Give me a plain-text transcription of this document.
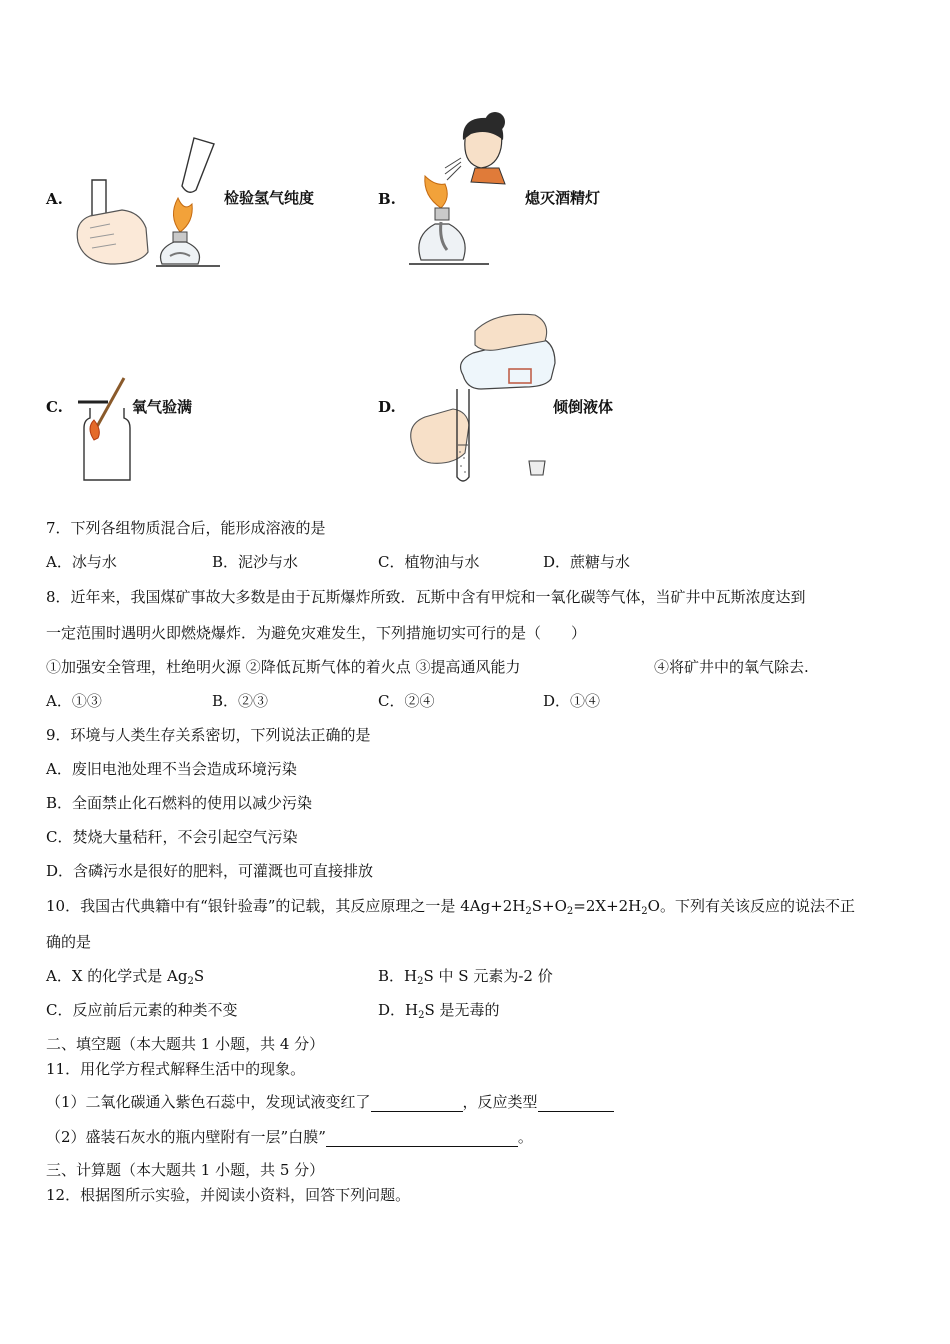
A.	检验氢气纯度	B.	熄灭酒精灯
C.	氧气验满	D.	倾倒液体
7．下列各组物质混合后，能形成溶液的是
A．冰与水	B．泥沙与水	C．植物油与水	D．蔗糖与水
8．近年来，我国煤矿事故大多数是由于瓦斯爆炸所致．瓦斯中含有甲烷和一氧化碳等气体，当矿井中瓦斯浓度达到
一定范围时遇明火即燃烧爆炸．为避免灾难发生，下列措施切实可行的是（　　）
①加强安全管理，杜绝明火源 ②降低瓦斯气体的着火点 ③提高通风能力	④将矿井中的氧气除去.
A．①③	B．②③	C．②④	D．①④
9．环境与人类生存关系密切，下列说法正确的是
A．废旧电池处理不当会造成环境污染
B．全面禁止化石燃料的使用以减少污染
C．焚烧大量秸秆，不会引起空气污染
D．含磷污水是很好的肥料，可灌溉也可直接排放
10．我国古代典籍中有“银针验毒”的记载，其反应原理之一是 $4Ag+2H_2S+O_2=2X+2H_2O$。下列有关该反应的说法不正
确的是
A．X 的化学式是 $Ag_2S$	B．$H_2S$ 中 S 元素为-2 价
C．反应前后元素的种类不变	D．$H_2S$ 是无毒的
二、填空题（本大题共 1 小题，共 4 分）
11．用化学方程式解释生活中的现象。
（1）二氧化碳通入紫色石蕊中，发现试液变红了	，反应类型
（2）盛装石灰水的瓶内壁附有一层”白膜”	。
三、计算题（本大题共 1 小题，共 5 分）
12．根据图所示实验，并阅读小资料，回答下列问题。
